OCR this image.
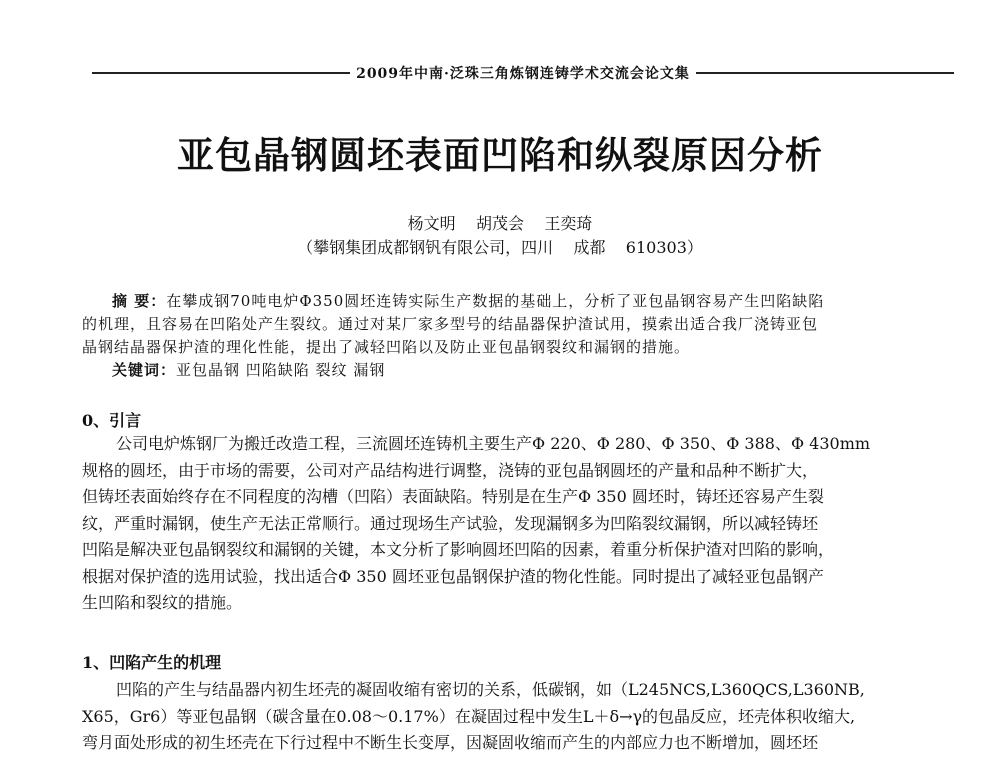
2009年中南·泛珠三角炼钢连铸学术交流会论文集
亚包晶钢圆坯表面凹陷和纵裂原因分析
杨文明    胡茂会    王奕琦
（攀钢集团成都钢钒有限公司，四川    成都    610303）
摘 要：在攀成钢70吨电炉Φ350圆坯连铸实际生产数据的基础上，分析了亚包晶钢容易产生凹陷缺陷
的机理，且容易在凹陷处产生裂纹。通过对某厂家多型号的结晶器保护渣试用，摸索出适合我厂浇铸亚包
晶钢结晶器保护渣的理化性能，提出了减轻凹陷以及防止亚包晶钢裂纹和漏钢的措施。
关键词：亚包晶钢 凹陷缺陷 裂纹 漏钢
0、引言
公司电炉炼钢厂为搬迁改造工程，三流圆坯连铸机主要生产Φ 220、Φ 280、Φ 350、Φ 388、Φ 430mm
规格的圆坯，由于市场的需要，公司对产品结构进行调整，浇铸的亚包晶钢圆坯的产量和品种不断扩大，
但铸坯表面始终存在不同程度的沟槽（凹陷）表面缺陷。特别是在生产Φ 350 圆坯时，铸坯还容易产生裂
纹，严重时漏钢，使生产无法正常顺行。通过现场生产试验，发现漏钢多为凹陷裂纹漏钢，所以减轻铸坯
凹陷是解决亚包晶钢裂纹和漏钢的关键，本文分析了影响圆坯凹陷的因素，着重分析保护渣对凹陷的影响，
根据对保护渣的选用试验，找出适合Φ 350 圆坯亚包晶钢保护渣的物化性能。同时提出了减轻亚包晶钢产
生凹陷和裂纹的措施。
1、凹陷产生的机理
凹陷的产生与结晶器内初生坯壳的凝固收缩有密切的关系，低碳钢，如（L245NCS,L360QCS,L360NB,
X65，Gr6）等亚包晶钢（碳含量在0.08～0.17%）在凝固过程中发生L＋δ→γ的包晶反应，坯壳体积收缩大,
弯月面处形成的初生坯壳在下行过程中不断生长变厚，因凝固收缩而产生的内部应力也不断增加，圆坯坯
